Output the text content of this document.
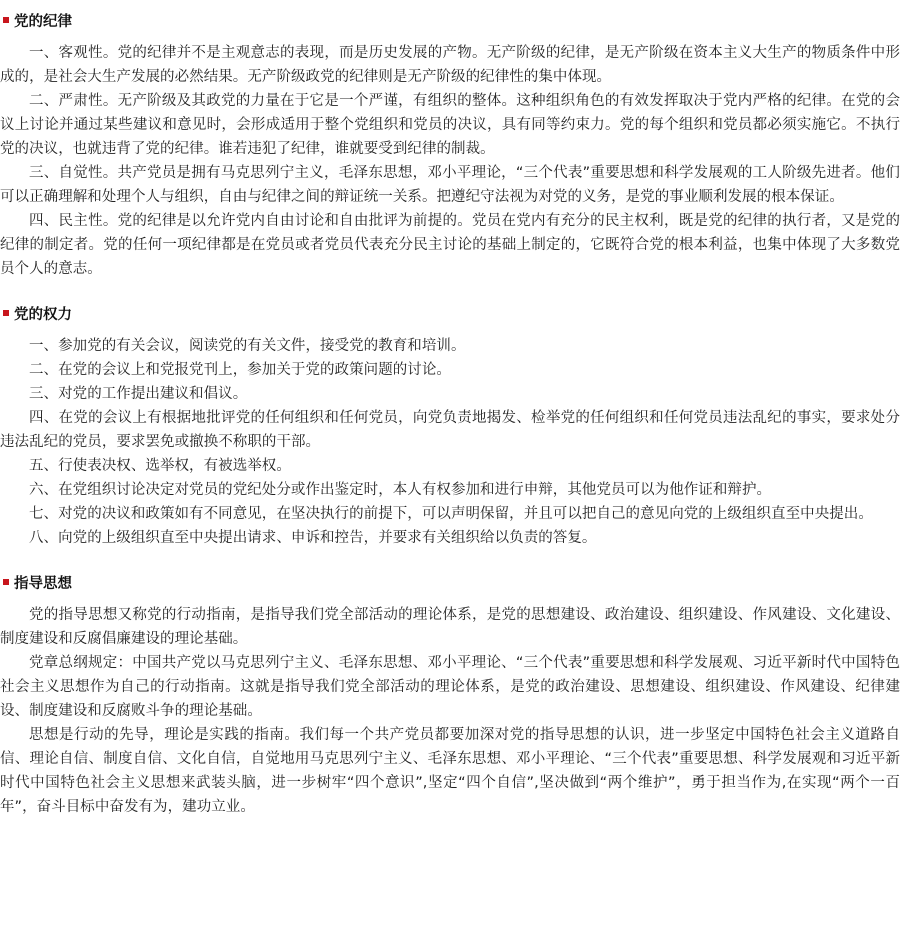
党的纪律

一、客观性。党的纪律并不是主观意志的表现，而是历史发展的产物。无产阶级的纪律，是无产阶级在资本主义大生产的物质条件中形成的，是社会大生产发展的必然结果。无产阶级政党的纪律则是无产阶级的纪律性的集中体现。

二、严肃性。无产阶级及其政党的力量在于它是一个严谨，有组织的整体。这种组织角色的有效发挥取决于党内严格的纪律。在党的会议上讨论并通过某些建议和意见时，会形成适用于整个党组织和党员的决议，具有同等约束力。党的每个组织和党员都必须实施它。不执行党的决议，也就违背了党的纪律。谁若违犯了纪律，谁就要受到纪律的制裁。

三、自觉性。共产党员是拥有马克思列宁主义，毛泽东思想，邓小平理论，“三个代表”重要思想和科学发展观的工人阶级先进者。他们可以正确理解和处理个人与组织，自由与纪律之间的辩证统一关系。把遵纪守法视为对党的义务，是党的事业顺利发展的根本保证。

四、民主性。党的纪律是以允许党内自由讨论和自由批评为前提的。党员在党内有充分的民主权利，既是党的纪律的执行者，又是党的纪律的制定者。党的任何一项纪律都是在党员或者党员代表充分民主讨论的基础上制定的，它既符合党的根本利益，也集中体现了大多数党员个人的意志。

党的权力

一、参加党的有关会议，阅读党的有关文件，接受党的教育和培训。

二、在党的会议上和党报党刊上，参加关于党的政策问题的讨论。

三、对党的工作提出建议和倡议。

四、在党的会议上有根据地批评党的任何组织和任何党员，向党负责地揭发、检举党的任何组织和任何党员违法乱纪的事实，要求处分违法乱纪的党员，要求罢免或撤换不称职的干部。

五、行使表决权、选举权，有被选举权。

六、在党组织讨论决定对党员的党纪处分或作出鉴定时，本人有权参加和进行申辩，其他党员可以为他作证和辩护。

七、对党的决议和政策如有不同意见，在坚决执行的前提下，可以声明保留，并且可以把自己的意见向党的上级组织直至中央提出。

八、向党的上级组织直至中央提出请求、申诉和控告，并要求有关组织给以负责的答复。

指导思想

党的指导思想又称党的行动指南，是指导我们党全部活动的理论体系，是党的思想建设、政治建设、组织建设、作风建设、文化建设、制度建设和反腐倡廉建设的理论基础。

党章总纲规定：中国共产党以马克思列宁主义、毛泽东思想、邓小平理论、“三个代表”重要思想和科学发展观、习近平新时代中国特色社会主义思想作为自己的行动指南。这就是指导我们党全部活动的理论体系，是党的政治建设、思想建设、组织建设、作风建设、纪律建设、制度建设和反腐败斗争的理论基础。

思想是行动的先导，理论是实践的指南。我们每一个共产党员都要加深对党的指导思想的认识，进一步坚定中国特色社会主义道路自信、理论自信、制度自信、文化自信，自觉地用马克思列宁主义、毛泽东思想、邓小平理论、“三个代表”重要思想、科学发展观和习近平新时代中国特色社会主义思想来武装头脑，进一步树牢“四个意识”,坚定“四个自信”,坚决做到“两个维护”，勇于担当作为,在实现“两个一百年”，奋斗目标中奋发有为，建功立业。
